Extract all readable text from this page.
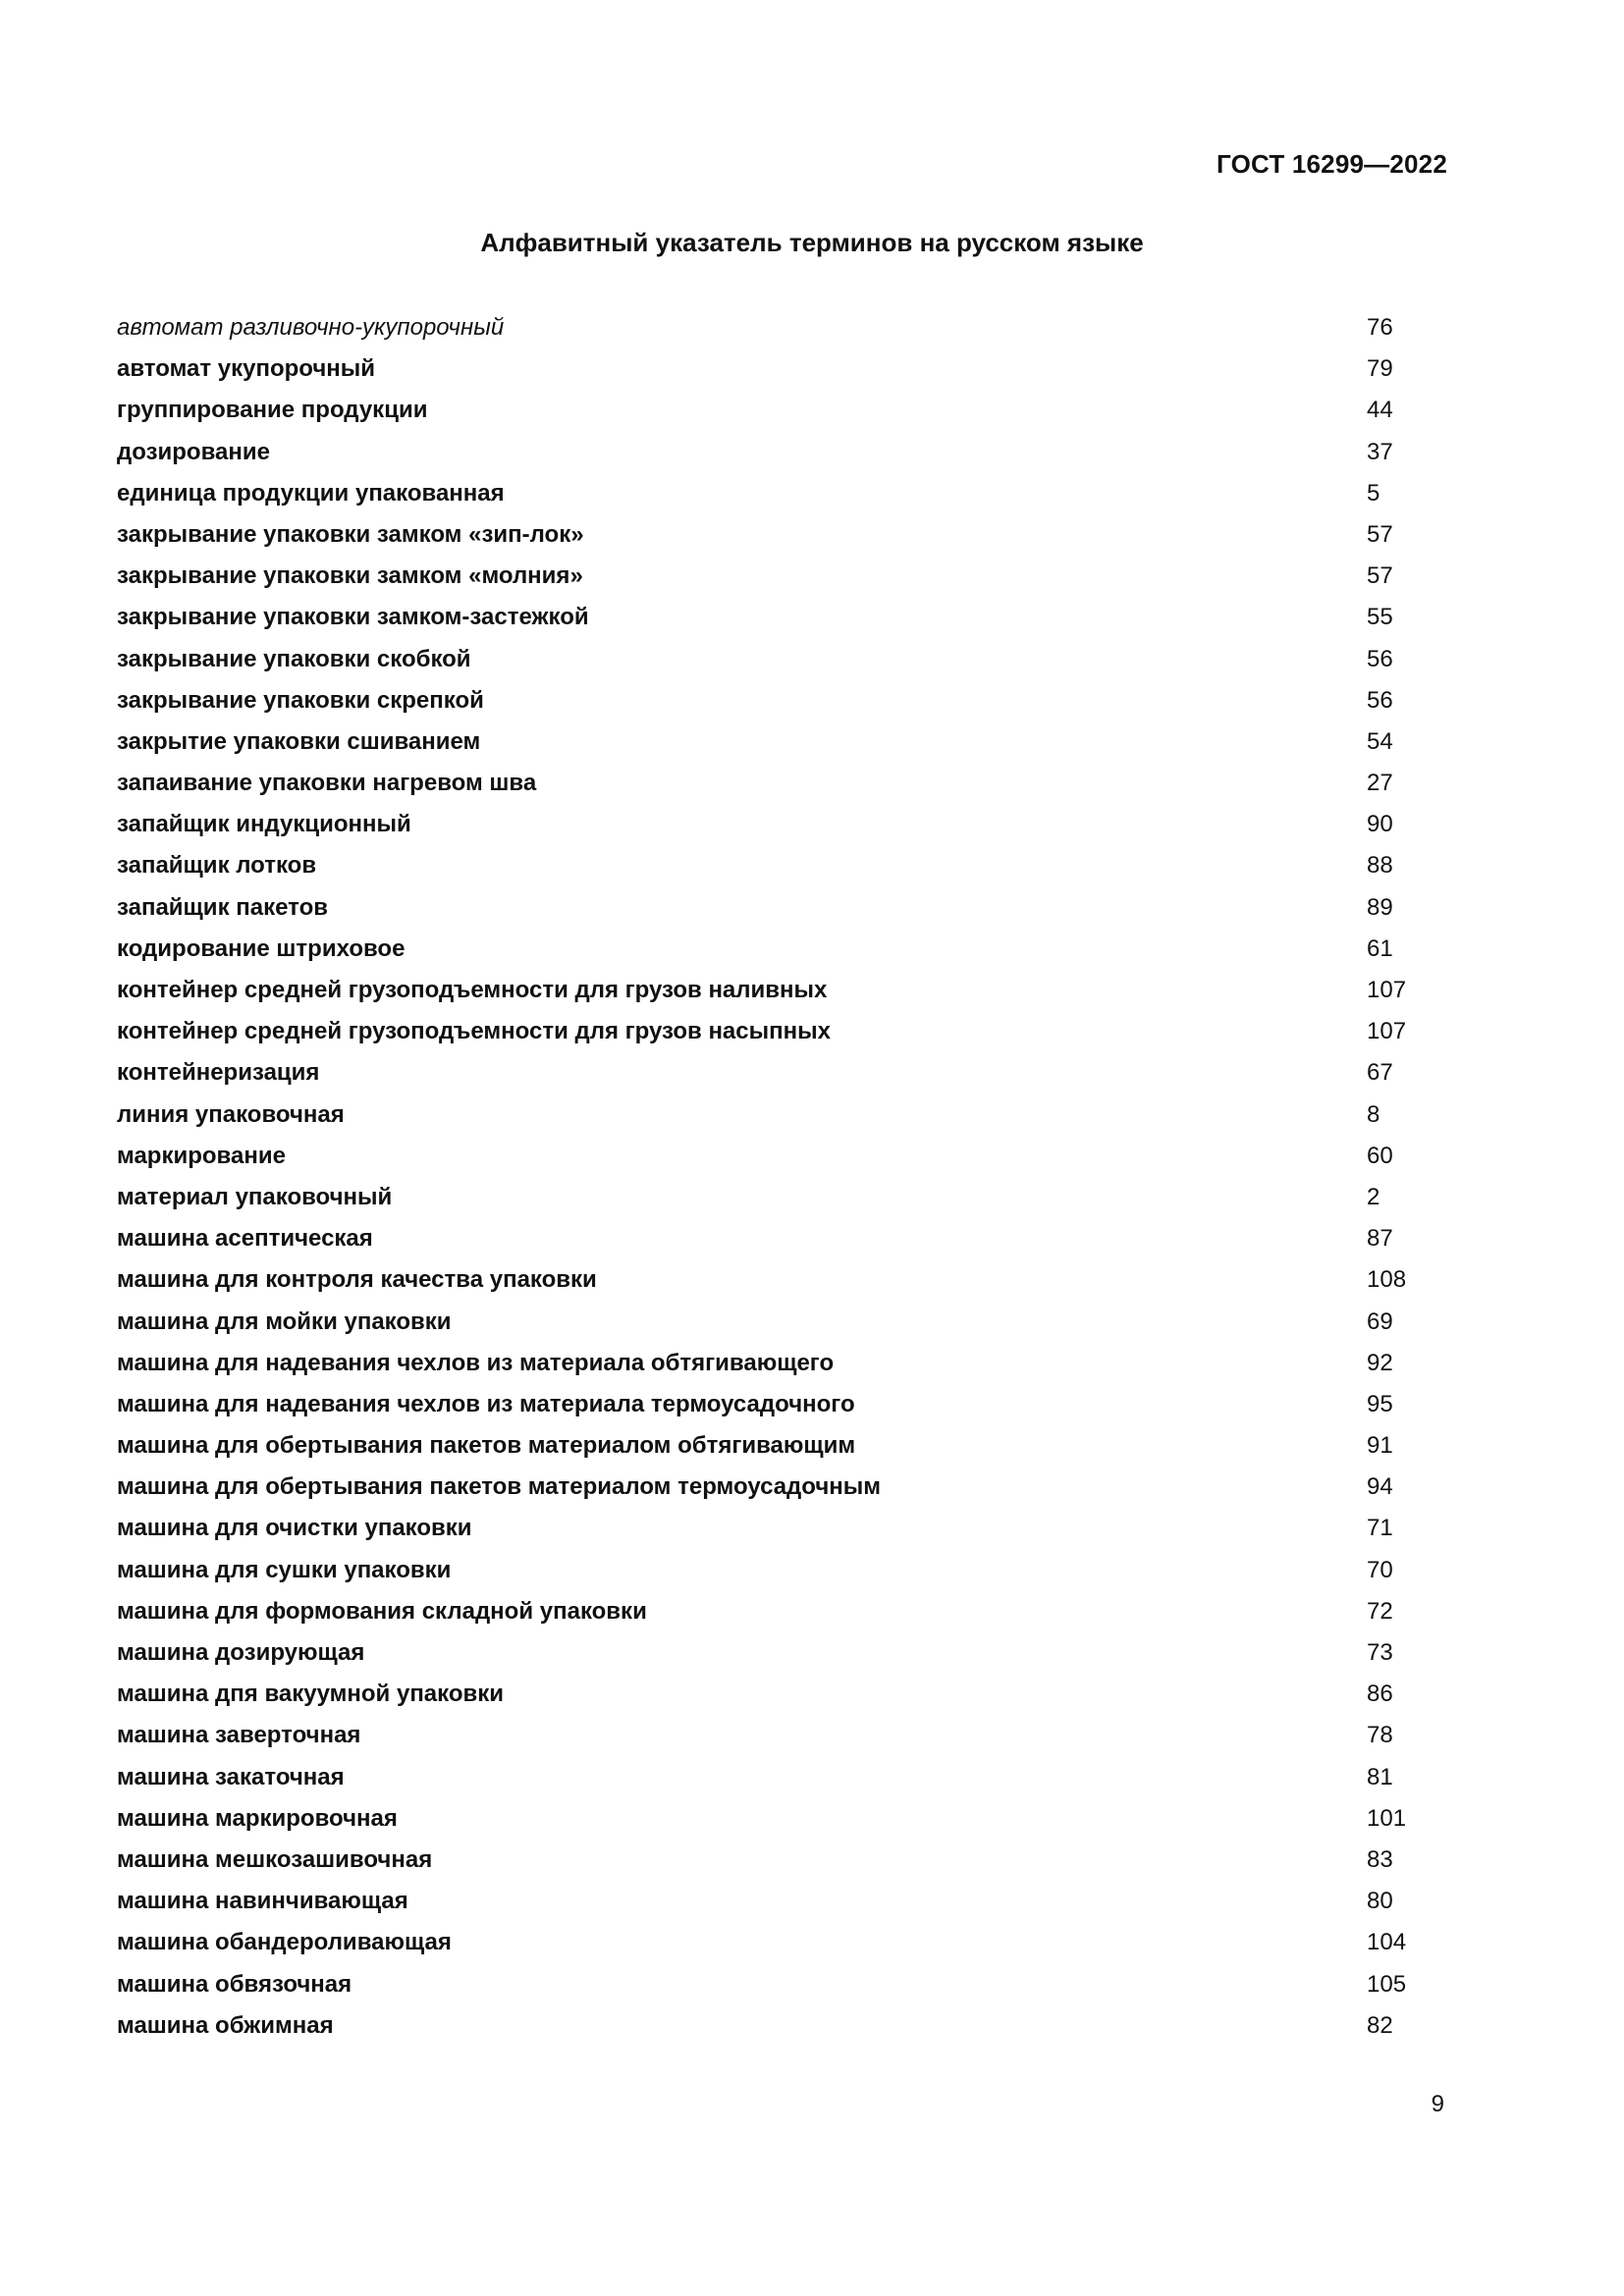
ГОСТ 16299—2022
Алфавитный указатель терминов на русском языке
автомат разливочно-укупорочный	76
автомат укупорочный	79
группирование продукции	44
дозирование	37
единица продукции упакованная	5
закрывание упаковки замком «зип-лок»	57
закрывание упаковки замком «молния»	57
закрывание упаковки замком-застежкой	55
закрывание упаковки скобкой	56
закрывание упаковки скрепкой	56
закрытие упаковки сшиванием	54
запаивание упаковки нагревом шва	27
запайщик индукционный	90
запайщик лотков	88
запайщик пакетов	89
кодирование штриховое	61
контейнер средней грузоподъемности для грузов наливных	107
контейнер средней грузоподъемности для грузов насыпных	107
контейнеризация	67
линия упаковочная	8
маркирование	60
материал упаковочный	2
машина асептическая	87
машина для контроля качества упаковки	108
машина для мойки упаковки	69
машина для надевания чехлов из материала обтягивающего	92
машина для надевания чехлов из материала термоусадочного	95
машина для обертывания пакетов материалом обтягивающим	91
машина для обертывания пакетов материалом термоусадочным	94
машина для очистки упаковки	71
машина для сушки упаковки	70
машина для формования складной упаковки	72
машина дозирующая	73
машина дпя вакуумной упаковки	86
машина заверточная	78
машина закаточная	81
машина маркировочная	101
машина мешкозашивочная	83
машина навинчивающая	80
машина обандероливающая	104
машина обвязочная	105
машина обжимная	82
9
